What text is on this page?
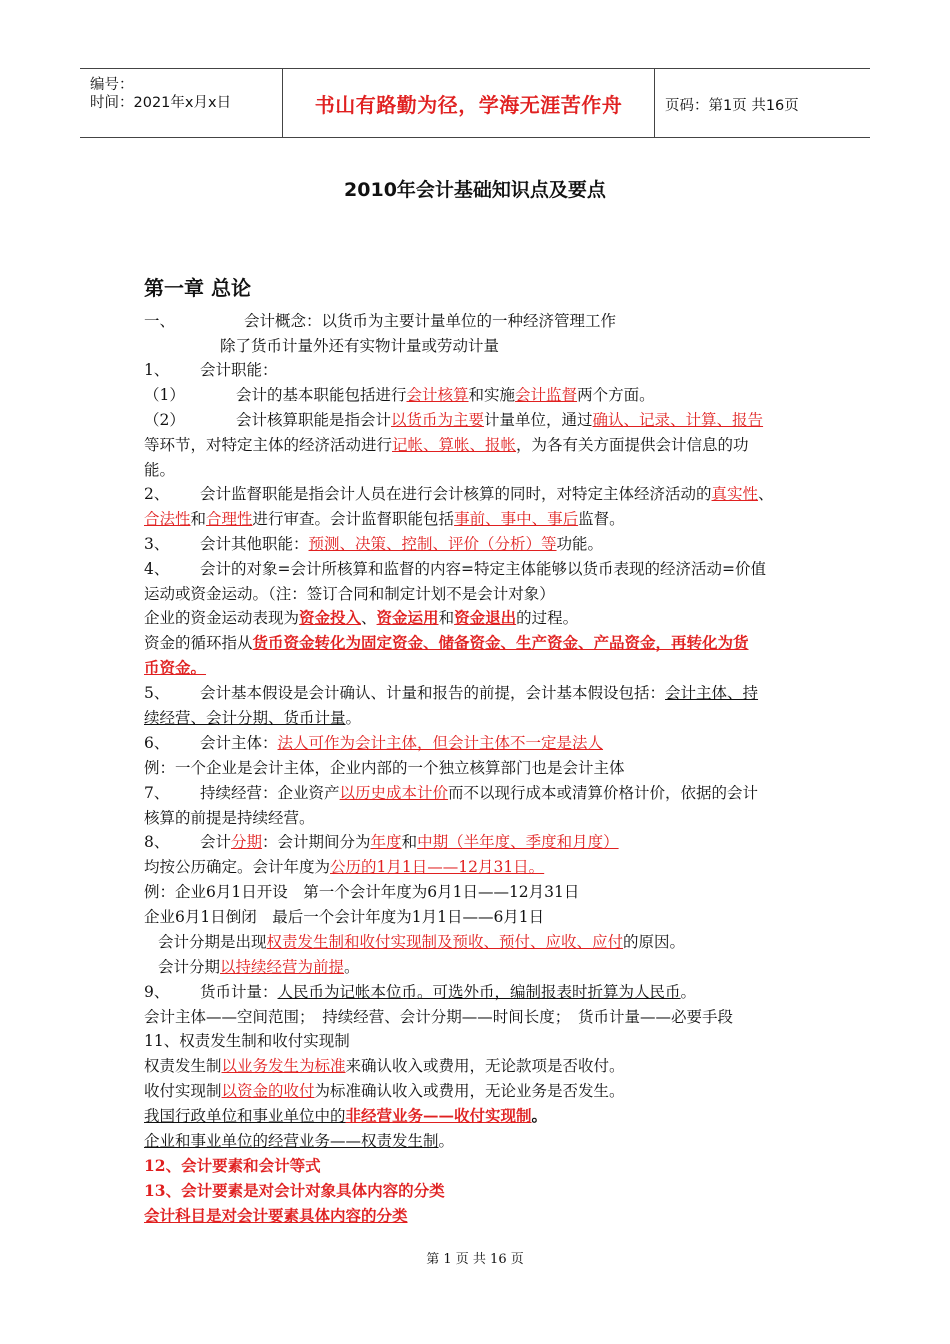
编号：
时间：2021年x月x日	书山有路勤为径，学海无涯苦作舟	页码：第1页 共16页
2010年会计基础知识点及要点
第一章 总论
一、	会计概念：以货币为主要计量单位的一种经济管理工作
除了货币计量外还有实物计量或劳动计量
1、 会计职能：
（1）	会计的基本职能包括进行 会计核算 和实施 会计监督 两个方面。
（2）	会计核算职能是指会计 以货币为主要 计量单位，通过 确认、记录、计算、报告
等环节，对特定主体的经济活动进行记帐、算帐、报帐，为各有关方面提供会计信息的功
能。
2、 会计监督职能是指会计人员在进行会计核算的同时，对特定主体经济活动的 真实性 、
合法性和合理性进行审查。会计监督职能包括事前、事中、事后监督。
3、 会计其他职能： 预测、决策、控制、评价（分析）等 功能。
4、 会计的对象=会计所核算和监督的内容=特定主体能够以货币表现的经济活动=价值
运动或资金运动。（注：签订合同和制定计划不是会计对象）
企业的资金运动表现为资金投入、资金运用和资金退出的过程。
资金的循环指从货币资金转化为固定资金、储备资金、生产资金、产品资金，再转化为货
币资金。
5、 会计基本假设是会计确认、计量和报告的前提，会计基本假设包括： 会计主体、持
续经营、会计分期、货币计量。
6、 会计主体： 法人可作为会计主体，但会计主体不一定是法人
例：一个企业是会计主体，企业内部的一个独立核算部门也是会计主体
7、 持续经营：企业资产 以历史成本计价 而不以现行成本或清算价格计价，依据的会计
核算的前提是持续经营。
8、 会计 分期 ：会计期间分为 年度 和 中期（半年度、季度和月度）
均按公历确定。会计年度为公历的1月1日——12月31日。
例：企业6月1日开设　第一个会计年度为6月1日——12月31日
企业6月1日倒闭　最后一个会计年度为1月1日——6月1日
会计分期是出现 权责发生制和收付实现制及预收、预付、应收、应付 的原因。
会计分期 以持续经营为前提 。
9、 货币计量： 人民币为记帐本位币。可选外币，编制报表时折算为人民币 。
会计主体——空间范围；　持续经营、会计分期——时间长度；　货币计量——必要手段
11、权责发生制和收付实现制
权责发生制以业务发生为标准来确认收入或费用，无论款项是否收付。
收付实现制以资金的收付为标准确认收入或费用，无论业务是否发生。
我国行政单位和事业单位中的非经营业务——收付实现制。
企业和事业单位的经营业务——权责发生制。
12、会计要素和会计等式
13、会计要素是对会计对象具体内容的分类
会计科目是对会计要素具体内容的分类
第 1 页 共 16 页
